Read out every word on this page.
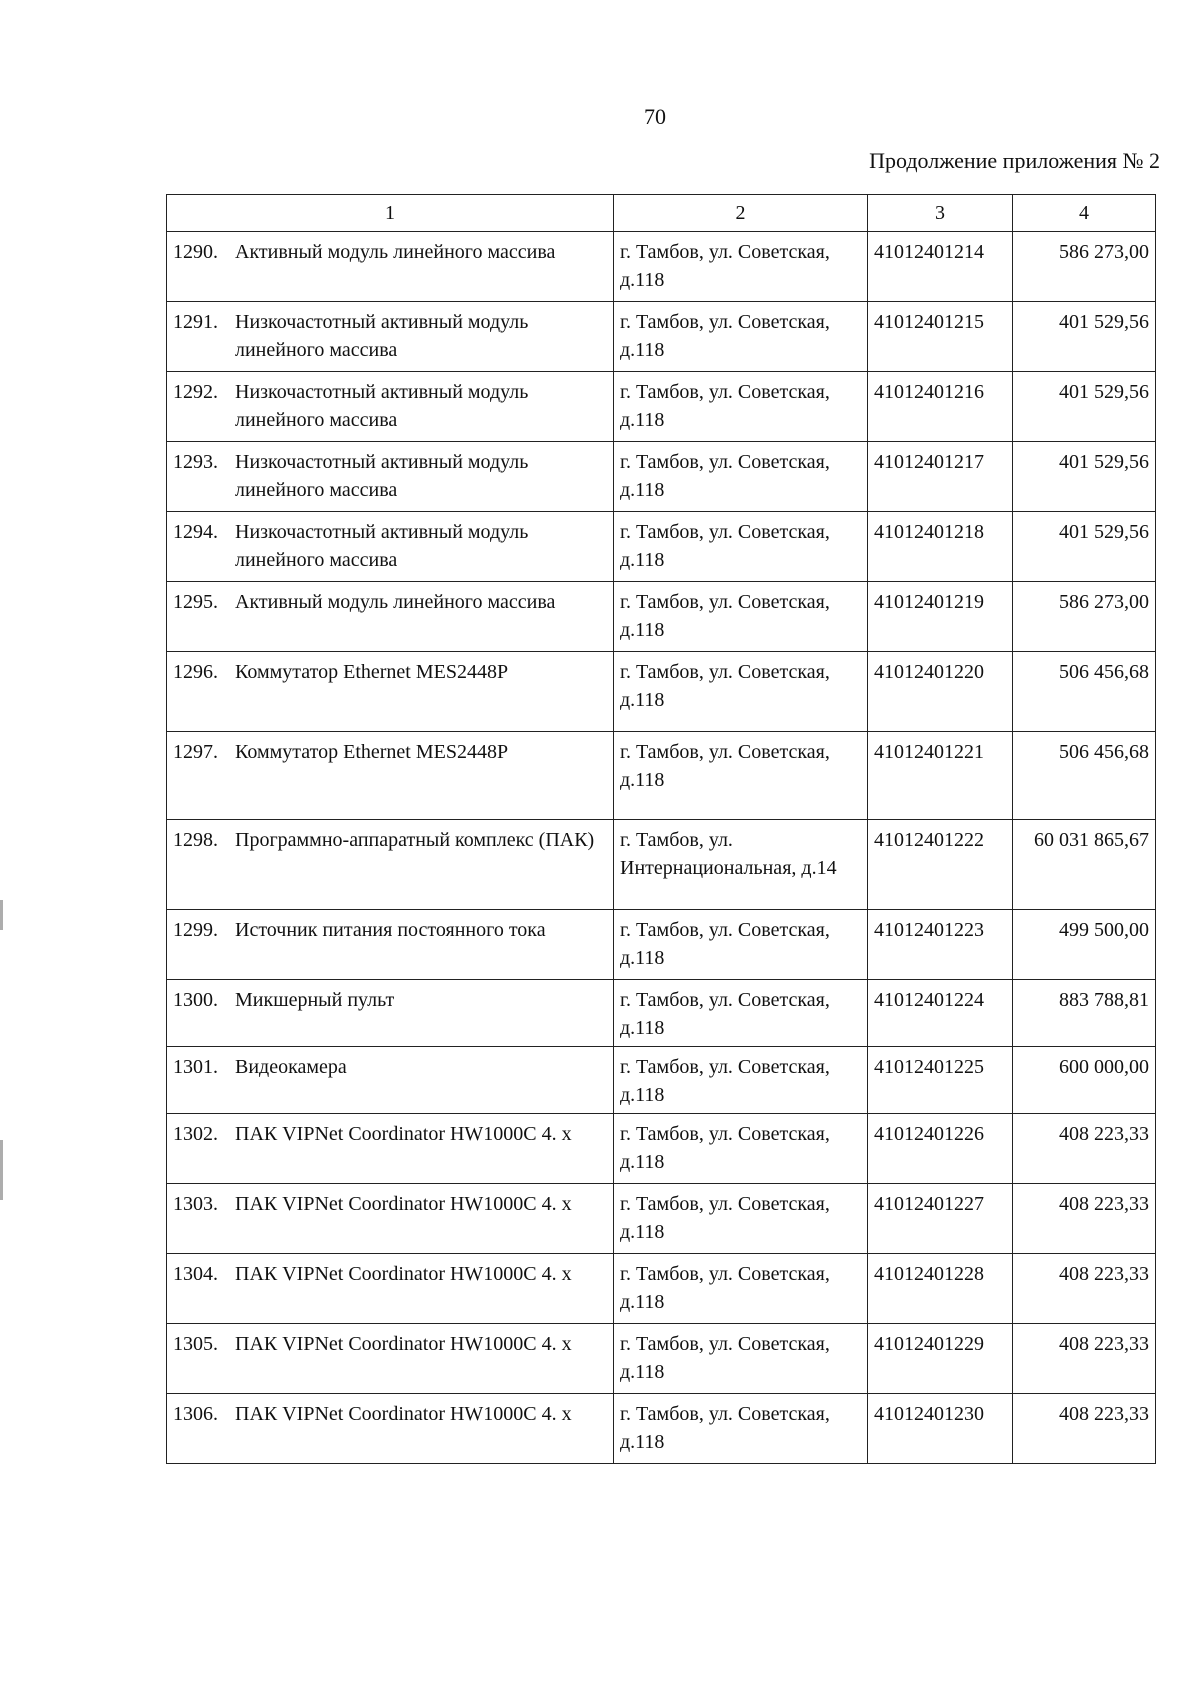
70
Продолжение приложения № 2
1	2	3	4

1290. Активный модуль линейного массива	г. Тамбов, ул. Советская, д.118	41012401214	586 273,00

1291. Низкочастотный активный модуль линейного массива	г. Тамбов, ул. Советская, д.118	41012401215	401 529,56

1292. Низкочастотный активный модуль линейного массива	г. Тамбов, ул. Советская, д.118	41012401216	401 529,56

1293. Низкочастотный активный модуль линейного массива	г. Тамбов, ул. Советская, д.118	41012401217	401 529,56

1294. Низкочастотный активный модуль линейного массива	г. Тамбов, ул. Советская, д.118	41012401218	401 529,56

1295. Активный модуль линейного массива	г. Тамбов, ул. Советская, д.118	41012401219	586 273,00

1296. Коммутатор Ethernet MES2448P	г. Тамбов, ул. Советская, д.118	41012401220	506 456,68

1297. Коммутатор Ethernet MES2448P	г. Тамбов, ул. Советская, д.118	41012401221	506 456,68

1298. Программно-аппаратный комплекс (ПАК)	г. Тамбов, ул. Интернациональная, д.14	41012401222	60 031 865,67

1299. Источник питания постоянного тока	г. Тамбов, ул. Советская, д.118	41012401223	499 500,00

1300. Микшерный пульт	г. Тамбов, ул. Советская, д.118	41012401224	883 788,81

1301. Видеокамера	г. Тамбов, ул. Советская, д.118	41012401225	600 000,00

1302. ПАК VIPNet Coordinator HW1000C 4. x	г. Тамбов, ул. Советская, д.118	41012401226	408 223,33

1303. ПАК VIPNet Coordinator HW1000C 4. x	г. Тамбов, ул. Советская, д.118	41012401227	408 223,33

1304. ПАК VIPNet Coordinator HW1000C 4. x	г. Тамбов, ул. Советская, д.118	41012401228	408 223,33

1305. ПАК VIPNet Coordinator HW1000C 4. x	г. Тамбов, ул. Советская, д.118	41012401229	408 223,33

1306. ПАК VIPNet Coordinator HW1000C 4. x	г. Тамбов, ул. Советская, д.118	41012401230	408 223,33
